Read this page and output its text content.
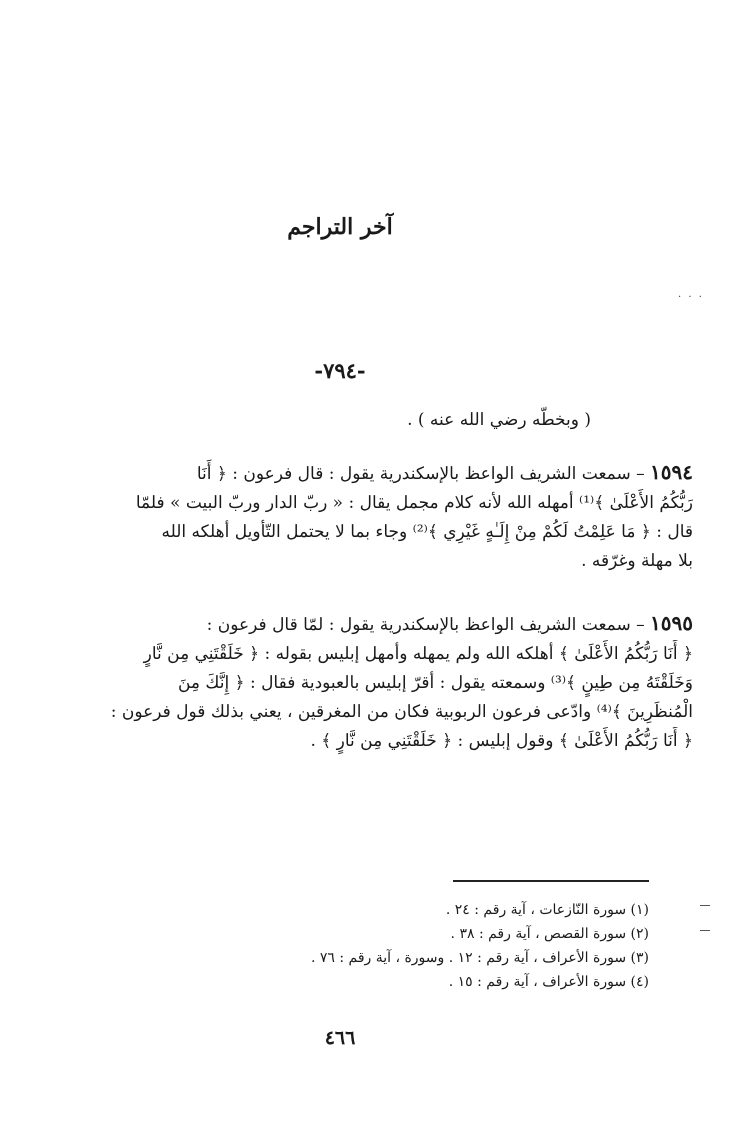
آخر التراجم
· · ·
-٧٩٤-
( وبخطّه رضي الله عنه ) .
١٥٩٤ – سمعت الشريف الواعظ بالإسكندرية يقول : قال فرعون : ﴿ أَنَا
رَبُّكُمُ الأَعْلَىٰ ﴾⁽¹⁾ أمهله الله لأنه كلام مجمل يقال : « ربّ الدار وربّ البيت » فلمّا
قال : ﴿ مَا عَلِمْتُ لَكُمْ مِنْ إِلَـٰهٍ غَيْرِي ﴾⁽²⁾ وجاء بما لا يحتمل التّأويل أهلكه الله
بلا مهلة وغرّقه .
١٥٩٥ – سمعت الشريف الواعظ بالإسكندرية يقول : لمّا قال فرعون :
﴿ أَنَا رَبُّكُمُ الأَعْلَىٰ ﴾ أهلكه الله ولم يمهله وأمهل إبليس بقوله : ﴿ خَلَقْتَنِي مِن نَّارٍ
وَخَلَقْتَهُ مِن طِينٍ ﴾⁽³⁾ وسمعته يقول : أقرّ إبليس بالعبودية فقال : ﴿ إِنَّكَ مِنَ
الْمُنظَرِينَ ﴾⁽⁴⁾ وادّعى فرعون الربوبية فكان من المغرقين ، يعني بذلك قول فرعون :
﴿ أَنَا رَبُّكُمُ الأَعْلَىٰ ﴾ وقول إبليس : ﴿ خَلَقْتَنِي مِن نَّارٍ ﴾ .
(١) سورة النّازعات ، آية رقم : ٢٤ .
(٢) سورة القصص ، آية رقم : ٣٨ .
(٣) سورة الأعراف ، آية رقم : ١٢ . وسورة ، آية رقم : ٧٦ .
(٤) سورة الأعراف ، آية رقم : ١٥ .
٤٦٦
